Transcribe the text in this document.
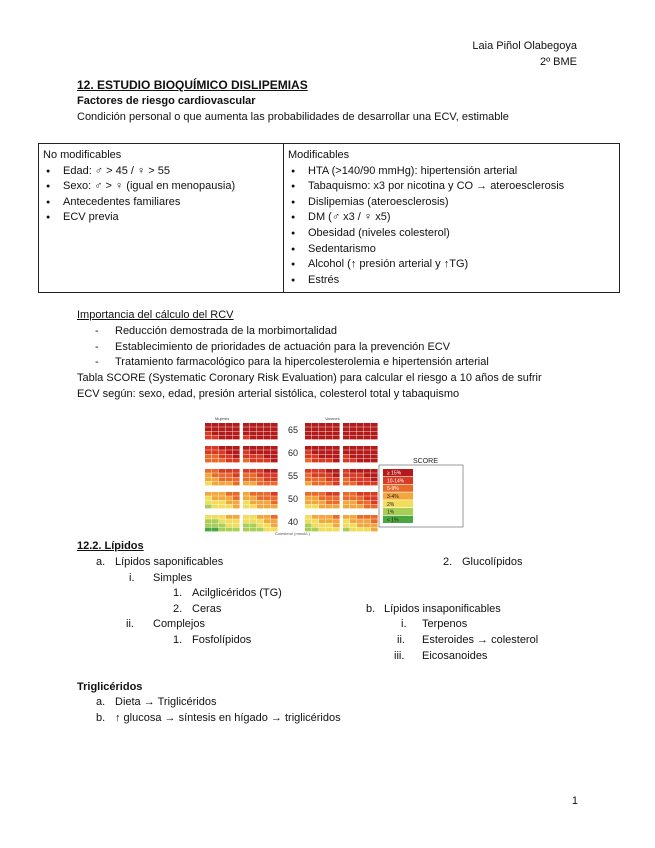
Laia Piñol Olabegoya
2º BME
12. ESTUDIO BIOQUÍMICO DISLIPEMIAS
Factores de riesgo cardiovascular
Condición personal o que aumenta las probabilidades de desarrollar una ECV, estimable
No modificables
● Edad: ♂ > 45 / ♀ > 55
● Sexo: ♂ > ♀ (igual en menopausia)
● Antecedentes familiares
● ECV previa

Modificables
● HTA (>140/90 mmHg): hipertensión arterial
● Tabaquismo: x3 por nicotina y CO → ateroesclerosis
● Dislipemias (ateroesclerosis)
● DM (♂ x3 / ♀ x5)
● Obesidad (niveles colesterol)
● Sedentarismo
● Alcohol (↑ presión arterial y ↑TG)
● Estrés
Importancia del cálculo del RCV
- Reducción demostrada de la morbimortalidad
- Establecimiento de prioridades de actuación para la prevención ECV
- Tratamiento farmacológico para la hipercolesterolemia e hipertensión arterial
Tabla SCORE (Systematic Coronary Risk Evaluation) para calcular el riesgo a 10 años de sufrir
ECV según: sexo, edad, presión arterial sistólica, colesterol total y tabaquismo
Mujeres	Varones
65
60
55
50
40
SCORE
≥ 15%
10-14%
5-9%
3-4%
2%
1%
< 1%
Colesterol (mmol/L)
12.2. Lípidos
a. Lípidos saponificables
i. Simples
1. Acilglicéridos (TG)
2. Ceras
ii. Complejos
1. Fosfolípidos
2. Glucolípidos
b. Lípidos insaponificables
i. Terpenos
ii. Esteroides → colesterol
iii. Eicosanoides
Triglicéridos
a. Dieta → Triglicéridos
b. ↑ glucosa → síntesis en hígado → triglicéridos
1
